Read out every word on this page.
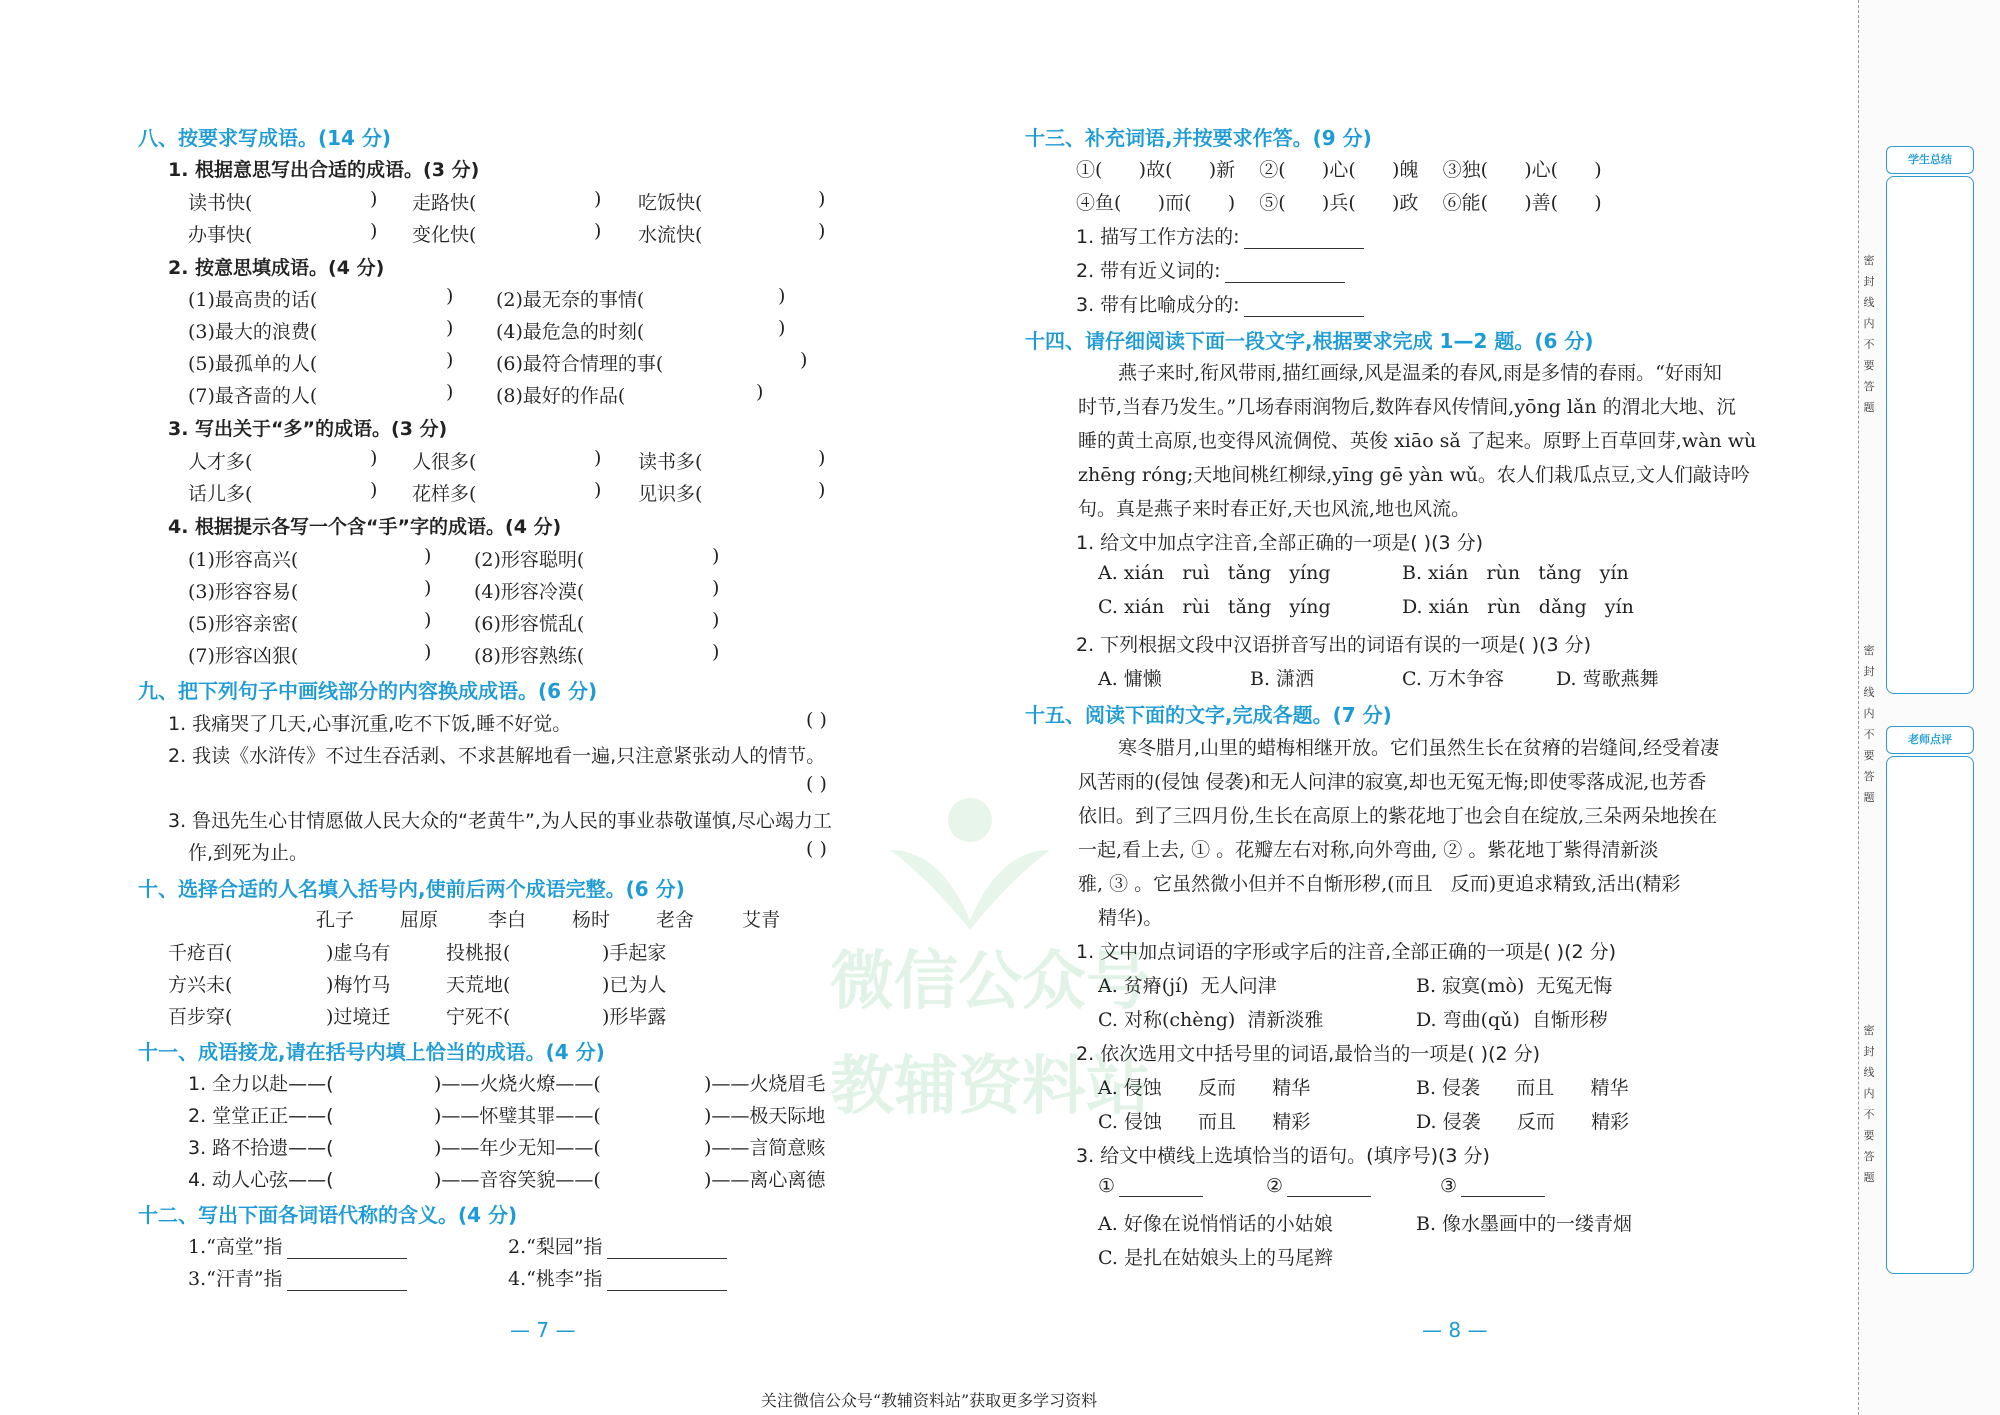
微信公众号
教辅资料站
八、按要求写成语。(14 分)
1. 根据意思写出合适的成语。(3 分)
读书快(	) 走路快(	) 吃饭快(	)
办事快(	) 变化快(	) 水流快(	)
2. 按意思填成语。(4 分)
(1)最高贵的话(	) (2)最无奈的事情(	)
(3)最大的浪费(	) (4)最危急的时刻(	)
(5)最孤单的人(	) (6)最符合情理的事(	)
(7)最吝啬的人(	) (8)最好的作品(	)
3. 写出关于“多”的成语。(3 分)
人才多(	) 人很多(	) 读书多(	)
话儿多(	) 花样多(	) 见识多(	)
4. 根据提示各写一个含“手”字的成语。(4 分)
(1)形容高兴(	) (2)形容聪明(	)
(3)形容容易(	) (4)形容冷漠(	)
(5)形容亲密(	) (6)形容慌乱(	)
(7)形容凶狠(	) (8)形容熟练(	)
九、把下列句子中画线部分的内容换成成语。(6 分)
1. 我痛哭了几天,心事沉重,吃不下饭,睡不好觉。	( )
2. 我读《水浒传》不过生吞活剥、不求甚解地看一遍,只注意紧张动人的情节。
( )
3. 鲁迅先生心甘情愿做人民大众的“老黄牛”,为人民的事业恭敬谨慎,尽心竭力工
作,到死为止。	( )
十、选择合适的人名填入括号内,使前后两个成语完整。(6 分)
孔子 屈原	李白 杨时 老舍	艾青
千疮百(	)虚乌有	投桃报(	)手起家
方兴未(	)梅竹马	天荒地(	)已为人
百步穿(	)过境迁	宁死不(	)形毕露
十一、成语接龙,请在括号内填上恰当的成语。(4 分)
1. 全力以赴——(	)——火烧火燎——(	)——火烧眉毛
2. 堂堂正正——(	)——怀璧其罪——(	)——极天际地
3. 路不拾遗——(	)——年少无知——(	)——言简意赅
4. 动人心弦——(	)——音容笑貌——(	)——离心离德
十二、写出下面各词语代称的含义。(4 分)
1.“高堂”指	2.“梨园”指
3.“汗青”指	4.“桃李”指
— 7 —
十三、补充词语,并按要求作答。(9 分)
①(      )故(      )新    ②(      )心(      )魄    ③独(      )心(      )
④鱼(      )而(      )    ⑤(      )兵(      )政    ⑥能(      )善(      )
1. 描写工作方法的:
2. 带有近义词的:
3. 带有比喻成分的:
十四、请仔细阅读下面一段文字,根据要求完成 1—2 题。(6 分)
燕子来时,衔风带雨,描红画绿,风是温柔的春风,雨是多情的春雨。“好雨知
时节,当春乃发生。”几场春雨润物后,数阵春风传情间,yōng lǎn 的渭北大地、沉
睡的黄土高原,也变得风流倜傥、英俊 xiāo sǎ 了起来。原野上百草回芽,wàn wù
zhēng róng;天地间桃红柳绿,yīng gē yàn wǔ。农人们栽瓜点豆,文人们敲诗吟
句。真是燕子来时春正好,天也风流,地也风流。
1. 给文中加点字注音,全部正确的一项是( )(3 分)
A. xián   ruì   tǎng   yíng	B. xián   rùn   tǎng   yín
C. xián   rùi   tǎng   yíng	D. xián   rùn   dǎng   yín
2. 下列根据文段中汉语拼音写出的词语有误的一项是( )(3 分)
A. 慵懒	B. 潇洒	C. 万木争容	D. 莺歌燕舞
十五、阅读下面的文字,完成各题。(7 分)
寒冬腊月,山里的蜡梅相继开放。它们虽然生长在贫瘠的岩缝间,经受着凄
风苦雨的(侵蚀 侵袭)和无人问津的寂寞,却也无冤无悔;即使零落成泥,也芳香
依旧。到了三四月份,生长在高原上的紫花地丁也会自在绽放,三朵两朵地挨在
一起,看上去, ① 。花瓣左右对称,向外弯曲, ② 。紫花地丁紫得清新淡
雅, ③ 。它虽然微小但并不自惭形秽,(而且   反而)更追求精致,活出(精彩
精华)。
1. 文中加点词语的字形或字后的注音,全部正确的一项是( )(2 分)
A. 贫瘠(jí)  无人问津	B. 寂寞(mò)  无冤无悔
C. 对称(chèng)  清新淡雅	D. 弯曲(qǔ)  自惭形秽
2. 依次选用文中括号里的词语,最恰当的一项是( )(2 分)
A. 侵蚀      反而      精华	B. 侵袭      而且      精华
C. 侵蚀      而且      精彩	D. 侵袭      反而      精彩
3. 给文中横线上选填恰当的语句。(填序号)(3 分)
①	②	③
A. 好像在说悄悄话的小姑娘	B. 像水墨画中的一缕青烟
C. 是扎在姑娘头上的马尾辫
— 8 —
学生总结
老师点评
密封线内不要答题
密封线内不要答题
密封线内不要答题
关注微信公众号“教辅资料站”获取更多学习资料
